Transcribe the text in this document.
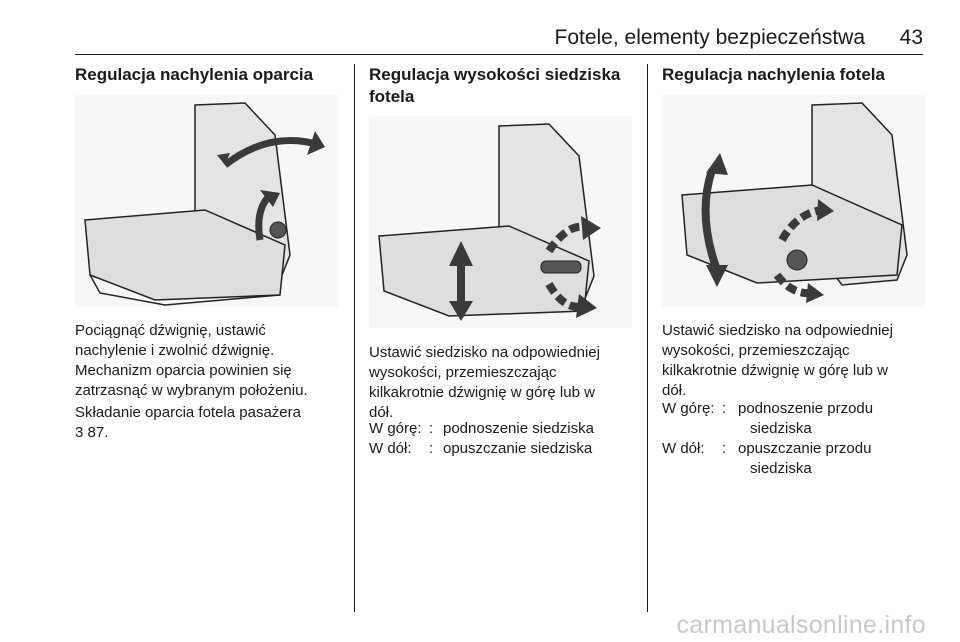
Fotele, elementy bezpieczeństwa 43
Regulacja nachylenia oparcia

Pociągnąć dźwignię, ustawić
nachylenie i zwolnić dźwignię.
Mechanizm oparcia powinien się
zatrzasnąć w wybranym położeniu.

Składanie oparcia fotela pasażera
3 87.

Regulacja wysokości siedziska
fotela

Ustawić siedzisko na odpowiedniej
wysokości, przemieszczając
kilkakrotnie dźwignię w górę lub w
dół.

W górę:	:	podnoszenie siedziska
W dół:	:	opuszczanie siedziska
Regulacja nachylenia fotela

Ustawić siedzisko na odpowiedniej
wysokości, przemieszczając
kilkakrotnie dźwignię w górę lub w
dół.

W górę:	:	podnoszenie przodu
siedziska
W dół:	:	opuszczanie przodu
siedziska
carmanualsonline.info
